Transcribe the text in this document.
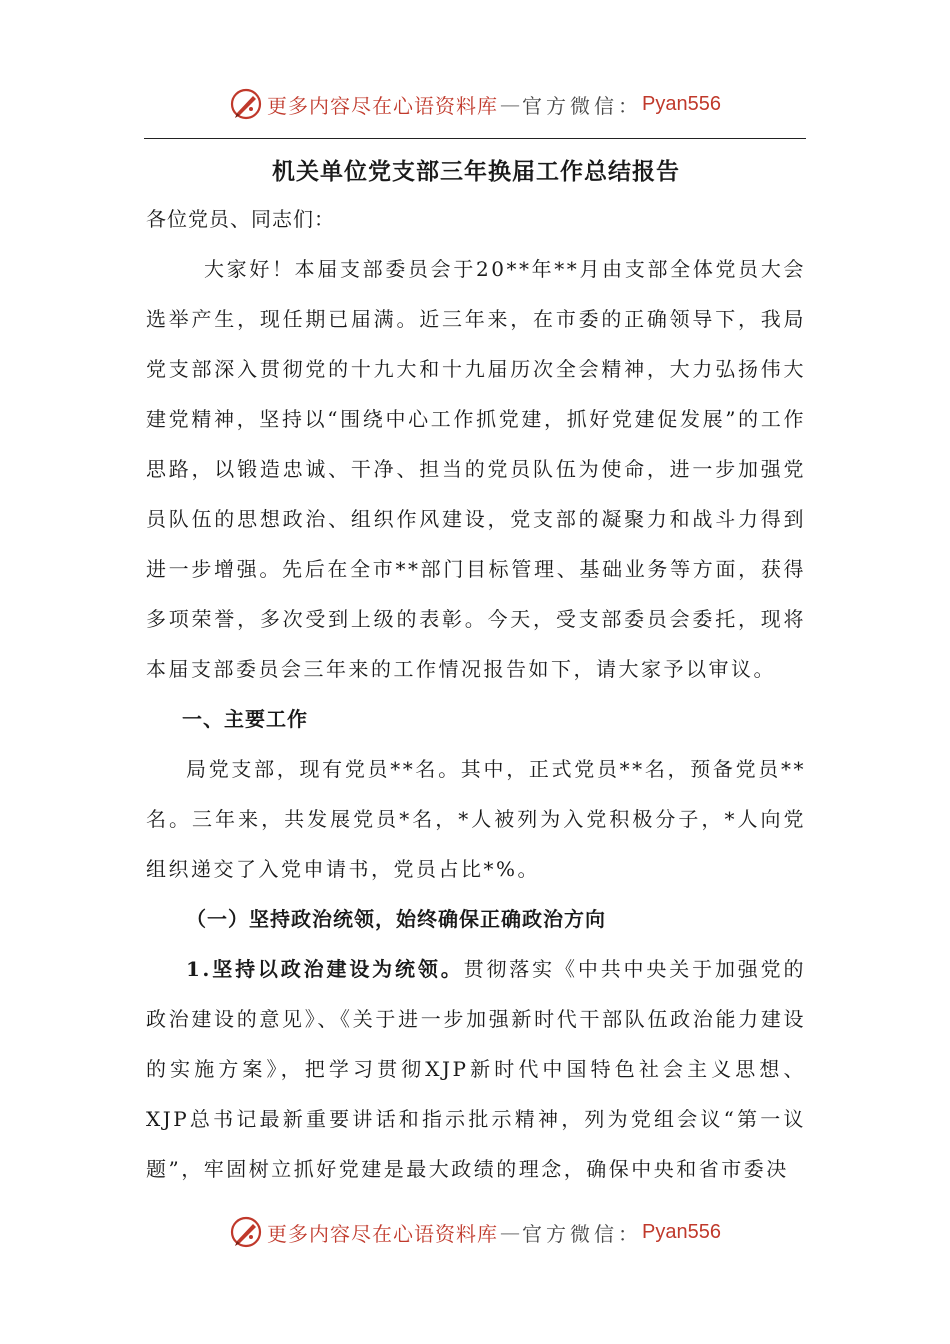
更多内容尽在心语资料库 — 官方微信： Pyan556
机关单位党支部三年换届工作总结报告
各位党员、同志们：

大家好！本届支部委员会于20**年**月由支部全体党员大会选举产生，现任期已届满。近三年来，在市委的正确领导下，我局党支部深入贯彻党的十九大和十九届历次全会精神，大力弘扬伟大建党精神，坚持以“围绕中心工作抓党建，抓好党建促发展”的工作思路，以锻造忠诚、干净、担当的党员队伍为使命，进一步加强党员队伍的思想政治、组织作风建设，党支部的凝聚力和战斗力得到进一步增强。先后在全市**部门目标管理、基础业务等方面，获得多项荣誉，多次受到上级的表彰。今天，受支部委员会委托，现将本届支部委员会三年来的工作情况报告如下，请大家予以审议。

一、主要工作

局党支部，现有党员**名。其中，正式党员**名，预备党员**名。三年来，共发展党员*名，*人被列为入党积极分子，*人向党组织递交了入党申请书，党员占比*%。

（一）坚持政治统领，始终确保正确政治方向

1.坚持以政治建设为统领。贯彻落实《中共中央关于加强党的政治建设的意见》、《关于进一步加强新时代干部队伍政治能力建设的实施方案》，把学习贯彻XJP新时代中国特色社会主义思想、XJP总书记最新重要讲话和指示批示精神，列为党组会议“第一议题”，牢固树立抓好党建是最大政绩的理念，确保中央和省市委决

更多内容尽在心语资料库 — 官方微信： Pyan556
